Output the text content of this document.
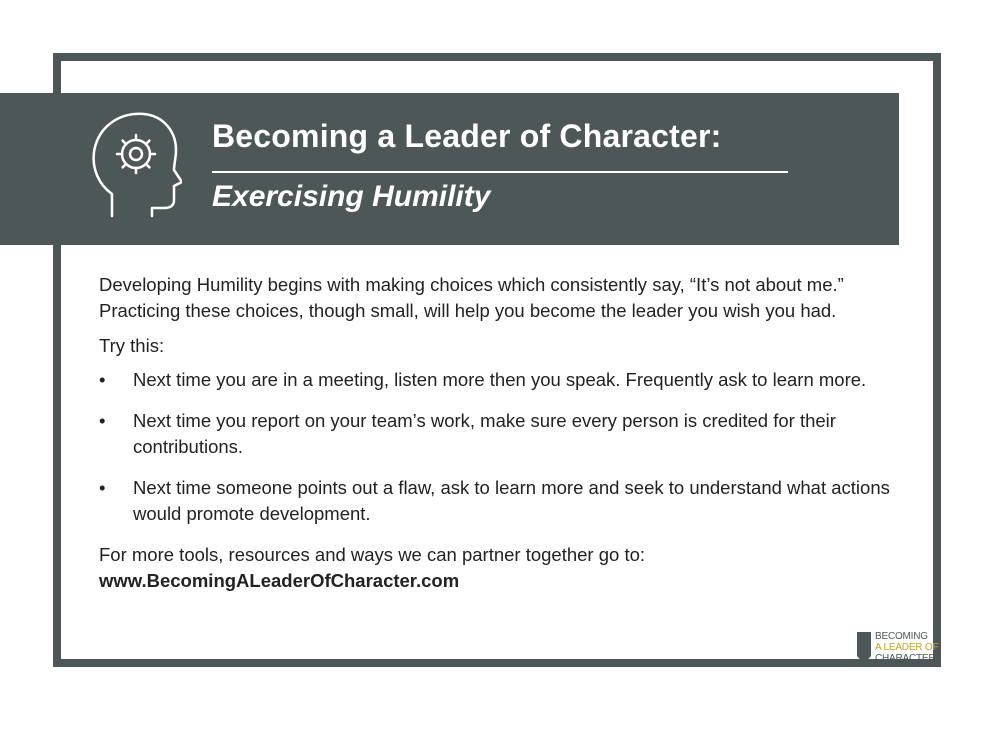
Becoming a Leader of Character:
Exercising Humility

Developing Humility begins with making choices which consistently say, “It’s not about me.” Practicing these choices, though small, will help you become the leader you wish you had.

Try this:

• Next time you are in a meeting, listen more then you speak. Frequently ask to learn more.
• Next time you report on your team’s work, make sure every person is credited for their contributions.
• Next time someone points out a flaw, ask to learn more and seek to understand what actions would promote development.

For more tools, resources and ways we can partner together go to:

www.BecomingALeaderOfCharacter.com

BECOMING
A LEADER OF
CHARACTER
